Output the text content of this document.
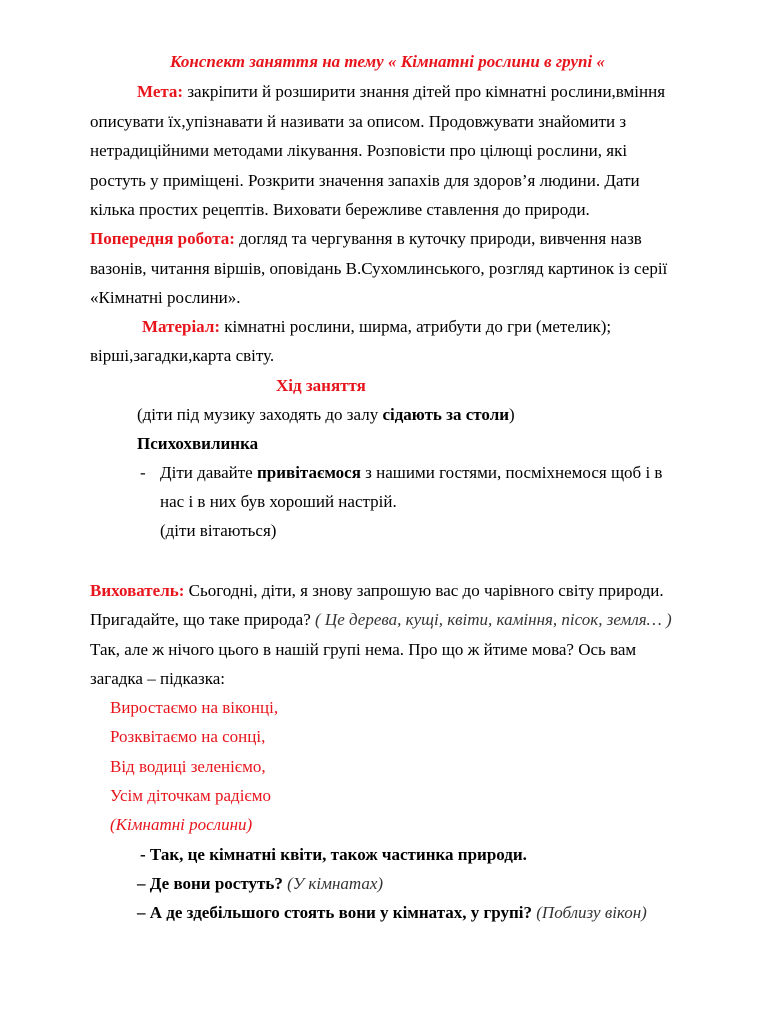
Конспект заняття на тему « Кімнатні рослини в групі «
Мета: закріпити й розширити знання дітей про кімнатні рослини,вміння
описувати їх,упізнавати й називати за описом. Продовжувати знайомити з
нетрадиційними методами лікування. Розповісти про цілющі рослини, які
ростуть у приміщені. Розкрити значення запахів для здоров’я людини. Дати
кілька простих рецептів. Виховати бережливе ставлення до природи.
Попередня робота: догляд та чергування в куточку природи, вивчення назв
вазонів, читання віршів, оповідань В.Сухомлинського, розгляд картинок із серії
«Кімнатні рослини».
Матеріал: кімнатні рослини, ширма, атрибути до гри (метелик);
вірші,загадки,карта світу.
Хід заняття
(діти під музику заходять до залу сідають за столи)
Психохвилинка
- Діти давайте привітаємося з нашими гостями, посміхнемося щоб і в
нас і в них був хороший настрій.
(діти вітаються)
Вихователь: Сьогодні, діти, я знову запрошую вас до чарівного світу природи.
Пригадайте, що таке природа? ( Це дерева, кущі, квіти, каміння, пісок, земля… )
Так, але ж нічого цього в нашій групі нема. Про що ж йтиме мова? Ось вам
загадка – підказка:
Виростаємо на віконці,
Розквітаємо на сонці,
Від водиці зеленіємо,
Усім діточкам радіємо
(Кімнатні рослини)
- Так, це кімнатні квіти, також частинка природи.
– Де вони ростуть? (У кімнатах)
– А де здебільшого стоять вони у кімнатах, у групі? (Поблизу вікон)
